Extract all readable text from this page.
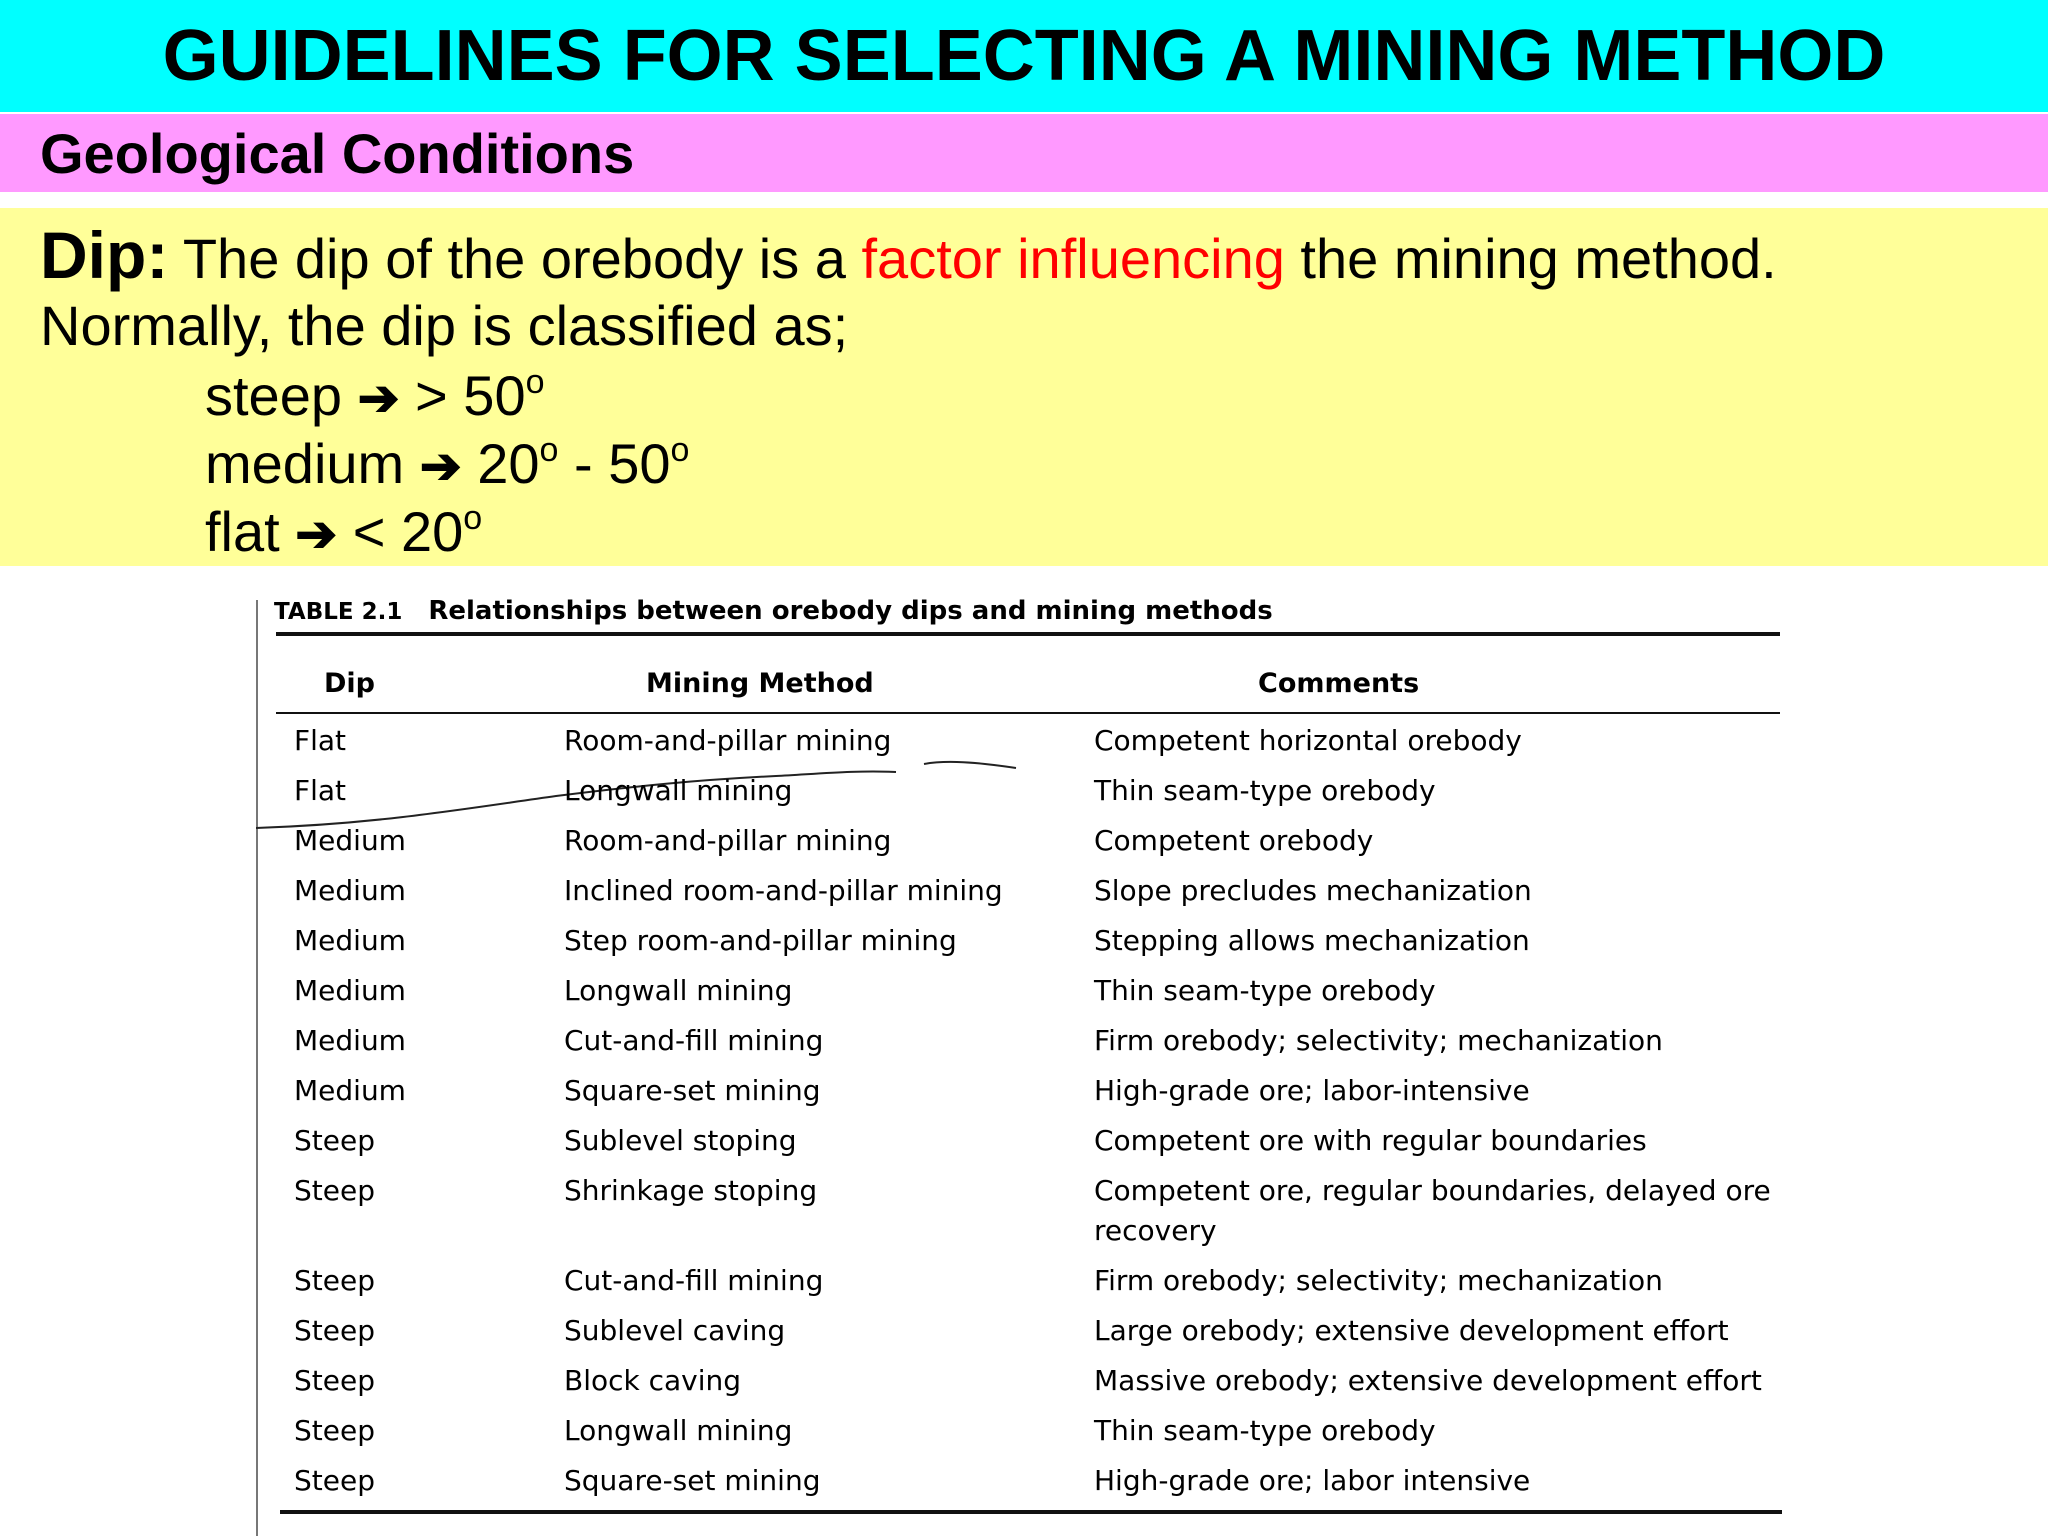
GUIDELINES FOR SELECTING A MINING METHOD
Geological Conditions
Dip: The dip of the orebody is a factor influencing the mining method.
Normally, the dip is classified as;
steep ➔ > $50^o$
medium ➔ 20$^o$ - 50$^o$
flat ➔ < $20^o$
TABLE 2.1 Relationships between orebody dips and mining methods
Dip	Mining Method	Comments
Flat	Room-and-pillar mining	Competent horizontal orebody
Flat	Longwall mining	Thin seam-type orebody
Medium	Room-and-pillar mining	Competent orebody
Medium	Inclined room-and-pillar mining	Slope precludes mechanization
Medium	Step room-and-pillar mining	Stepping allows mechanization
Medium	Longwall mining	Thin seam-type orebody
Medium	Cut-and-fill mining	Firm orebody; selectivity; mechanization
Medium	Square-set mining	High-grade ore; labor-intensive
Steep	Sublevel stoping	Competent ore with regular boundaries
Steep	Shrinkage stoping	Competent ore, regular boundaries, delayed ore
recovery
Steep	Cut-and-fill mining	Firm orebody; selectivity; mechanization
Steep	Sublevel caving	Large orebody; extensive development effort
Steep	Block caving	Massive orebody; extensive development effort
Steep	Longwall mining	Thin seam-type orebody
Steep	Square-set mining	High-grade ore; labor intensive
